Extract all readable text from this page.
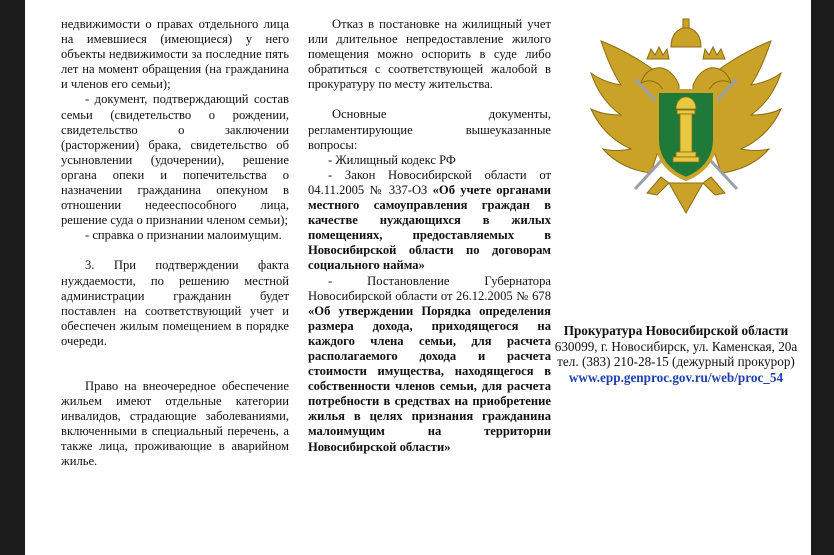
недвижимости о правах отдельного лица на имевшиеся (имеющиеся) у него объекты недвижимости за последние пять лет на момент обращения (на гражданина и членов его семьи);

- документ, подтверждающий состав семьи (свидетельство о рождении, свидетельство о заключении (расторжении) брака, свидетельство об усыновлении (удочерении), решение органа опеки и попечительства о назначении гражданина опекуном в отношении недееспособного лица, решение суда о признании членом семьи);

- справка о признании малоимущим.

3. При подтверждении факта нуждаемости, по решению местной администрации гражданин будет поставлен на соответствующий учет и обеспечен жилым помещением в порядке очереди.

Право на внеочередное обеспечение жильем имеют отдельные категории инвалидов, страдающие заболеваниями, включенными в специальный перечень, а также лица, проживающие в аварийном жилье.

Отказ в постановке на жилищный учет или длительное непредоставление жилого помещения можно оспорить в суде либо обратиться с соответствующей жалобой в прокуратуру по месту жительства.

Основные документы, регламентирующие вышеуказанные вопросы:

- Жилищный кодекс РФ

- Закон Новосибирской области от 04.11.2005 № 337-ОЗ «Об учете органами местного самоуправления граждан в качестве нуждающихся в жилых помещениях, предоставляемых в Новосибирской области по договорам социального найма»

- Постановление Губернатора Новосибирской области от 26.12.2005 № 678 «Об утверждении Порядка определения размера дохода, приходящегося на каждого члена семьи, для расчета располагаемого дохода и расчета стоимости имущества, находящегося в собственности членов семьи, для расчета потребности в средствах на приобретение жилья в целях признания гражданина малоимущим на территории Новосибирской области»

Прокуратура Новосибирской области
630099, г. Новосибирск, ул. Каменская, 20а
тел. (383) 210-28-15 (дежурный прокурор)
www.epp.genproc.gov.ru/web/proc_54
